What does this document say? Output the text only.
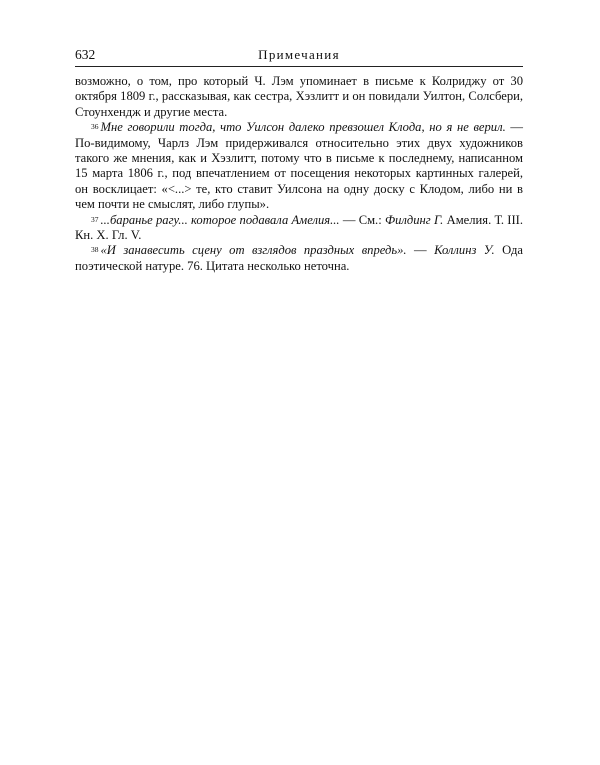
632	Примечания

возможно, о том, про который Ч. Лэм упоминает в письме к Колриджу от 30 октября 1809 г., рассказывая, как сестра, Хэзлитт и он повидали Уилтон, Солсбери, Стоунхендж и другие места.

$^{36}$ Мне говорили тогда, что Уилсон далеко превзошел Клода, но я не верил. — По-видимому, Чарлз Лэм придерживался относительно этих двух художников такого же мнения, как и Хэзлитт, потому что в письме к последнему, написанном 15 марта 1806 г., под впечатлением от посещения некоторых картинных галерей, он восклицает: «<...> те, кто ставит Уилсона на одну доску с Клодом, либо ни в чем почти не смыслят, либо глупы».

$^{37}$ ...баранье рагу... которое подавала Амелия... — См.: Филдинг Г. Амелия. Т. III. Кн. X. Гл. V.

$^{38}$ «И занавесить сцену от взглядов праздных впредь». — Коллинз У. Ода поэтической натуре. 76. Цитата несколько неточна.
